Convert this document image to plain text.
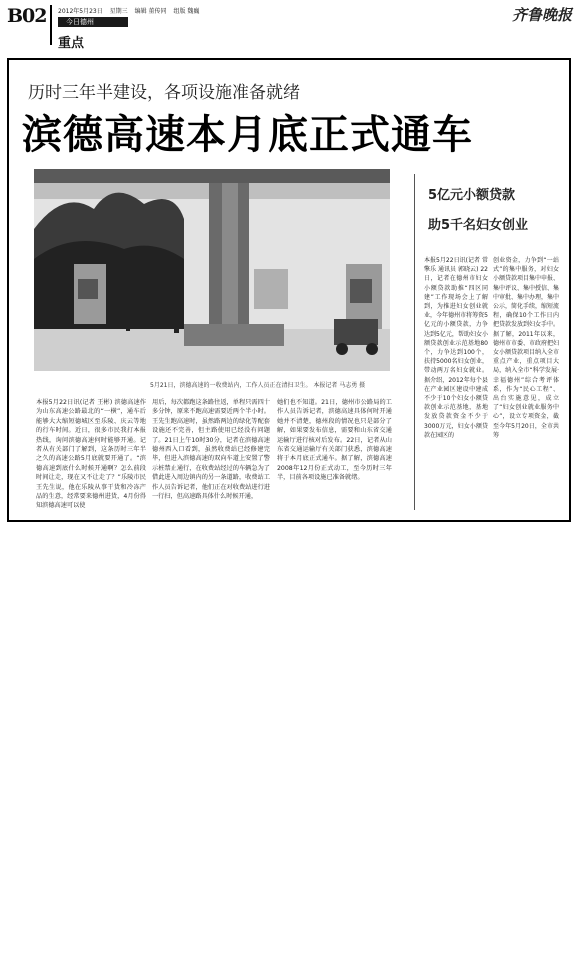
B02 2012年5月23日 星期三 编辑 董传同 组版 魏巍
今日德州
重点
齐鲁晚报
历时三年半建设，各项设施准备就绪
滨德高速本月底正式通车
5月21日，滨德高速的一收费站内，工作人员正在清扫卫生。 本报记者 马志勇 摄
本报5月22日讯(记者 王彬) 滨德高速作为山东高速公路最北的“一横”，通车后能够大大缩短德城区至乐陵、庆云等地的行车时间。近日，很多市民我打本报热线，询问滨德高速何时能够开通。记者从有关部门了解到，这条历时三年半之久的高速公路5月底就要开通了。“滨德高速到底什么时候开通啊？怎么前段时间让走，现在又不让走了？”乐陵市民王先生说，他在乐陵从事干货和冷冻产品的生意，经常要来德州进货，4月份得知滨德高速可以使
用后，每次都跑这条路往返，单程只需四十多分钟，原来不跑高速需要近两个半小时。王先生跑高速时，虽然路两边的绿化等配套设施还不完善，但主路使用已经没有问题了。21日上午10时30分，记者在滨德高速德州西入口看到，虽然收费站已经修建完毕，但进入滨德高速的双向车道上安置了警示桩禁止通行，在收费站经过的车辆急为了借此进入周边镇内的另一条道路，收费站工作人员告诉记者，他们正在对收费站进行进一行扫，但高速路具体什么时候开通，
她们也不知道。21日，德州市公路局的工作人员告诉记者，滨德高速具体何时开通她并不清楚，德州段的情况也只是部分了解，如果要发布信息，需要和山东省交通运输厅进行核对后发布。22日，记者从山东省交通运输厅有关部门获悉，滨德高速将于本月底正式通车。据了解，滨德高速2008年12月份正式动工，至今历时三年半，目前各项设施已准备就绪。
5亿元小额贷款
助5千名妇女创业
本报5月22日讯(记者 常擎乐 通讯员 郭晓云) 22日，记者在德州市妇女小额贷款助推“四区同建”工作现场会上了解到，为推进妇女创业就业，今年德州市将筹资5亿元的小额贷款，力争达到5亿元，帮助妇女小额贷款创业示范基地80个，力争达到100个，扶持5000名妇女创业，带动两万名妇女就业。据介绍，2012年每个县在产业园区建设中建成不少于10个妇女小额贷款创业示范基地，基地发放贷款资金不少于3000万元，妇女小额贷款在园区的
创业资金，力争到“一站式”的集中服务，对妇女小额贷款项目集中申报、集中评议、集中授信、集中审批、集中办理，集中公示，简化手续，缩短流程，确保10个工作日内把贷款发放到妇女手中。据了解，2011年以来，德州市市委、市政府把妇女小额贷款项目纳入全市重点产业，重点项目大局，纳入全市“科学发展·幸福德州”综合考评体系，作为“民心工程”、出台实施意见，成立了“妇女创业就业服务中心”，设立专项资金，截至今年5月20日，全市共筹
